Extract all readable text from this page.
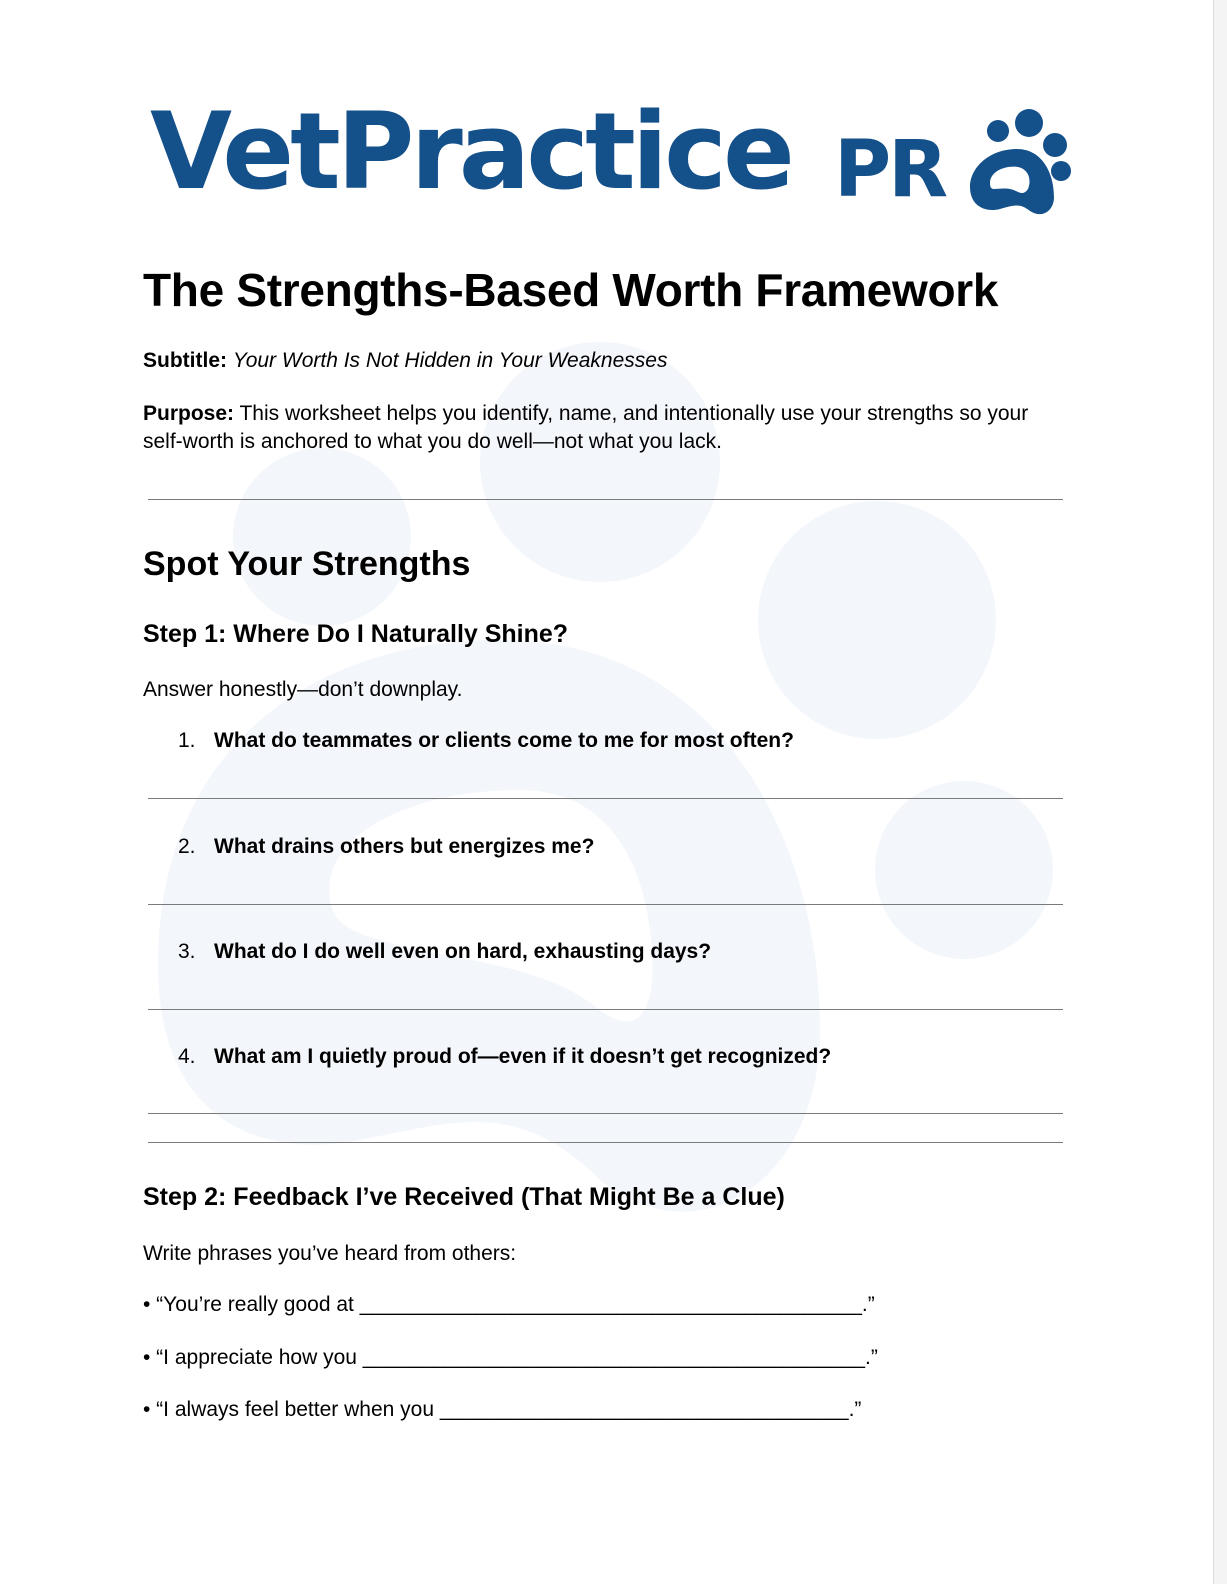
VetPractice PR
The Strengths-Based Worth Framework

Subtitle: Your Worth Is Not Hidden in Your Weaknesses

Purpose: This worksheet helps you identify, name, and intentionally use your strengths so your self-worth is anchored to what you do well—not what you lack.

Spot Your Strengths
Step 1: Where Do I Naturally Shine?
Answer honestly—don’t downplay.
1. What do teammates or clients come to me for most often?
2. What drains others but energizes me?
3. What do I do well even on hard, exhausting days?
4. What am I quietly proud of—even if it doesn’t get recognized?
Step 2: Feedback I’ve Received (That Might Be a Clue)
Write phrases you’ve heard from others:
• “You’re really good at ___________________________________________.”
• “I appreciate how you ___________________________________________.”
• “I always feel better when you ___________________________________.”
